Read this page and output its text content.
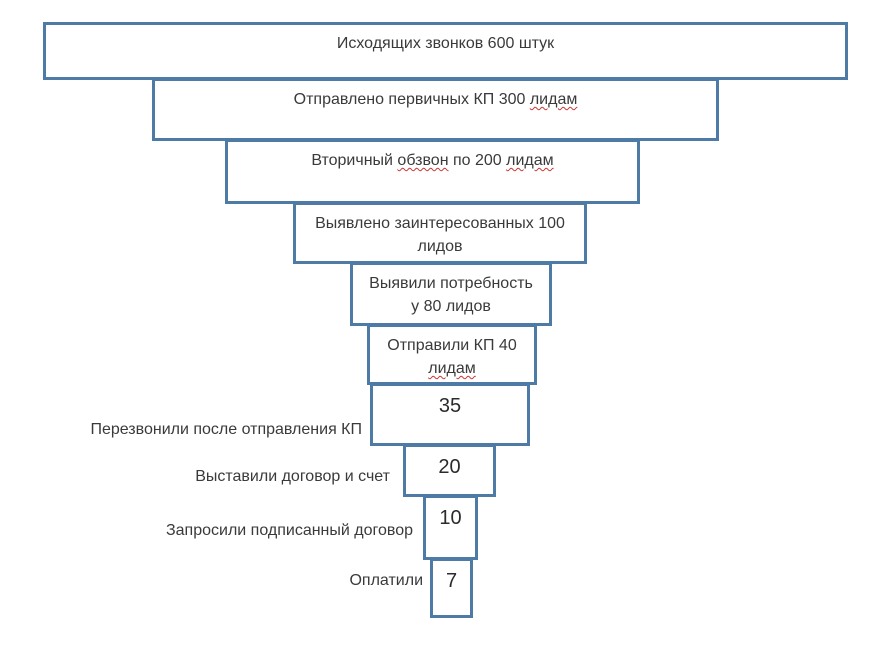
Исходящих звонков 600 штук
Отправлено первичных КП 300 лидам
Вторичный обзвон по 200 лидам
Выявлено заинтересованных 100
лидов
Выявили потребность
у 80 лидов
Отправили КП 40
лидам
35
20
10
7
Перезвонили после отправления КП
Выставили договор и счет
Запросили подписанный договор
Оплатили
